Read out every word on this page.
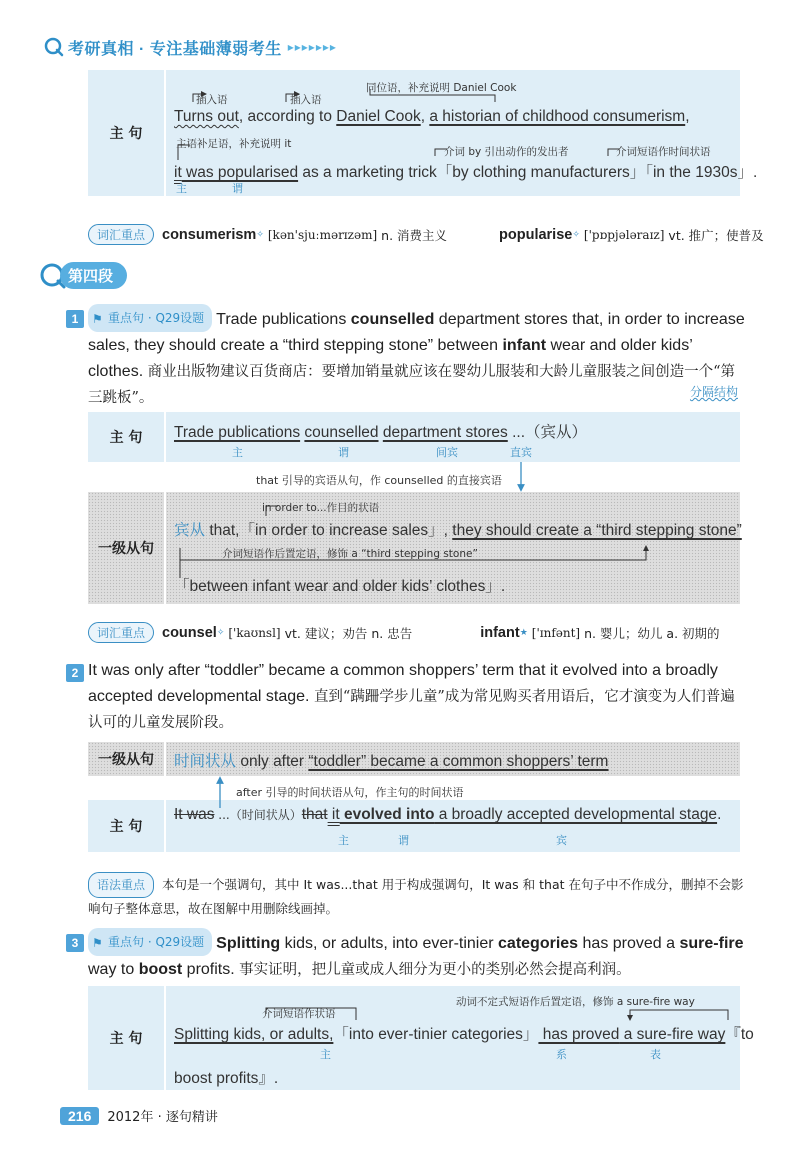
考研真相 · 专注基础薄弱考生 ▸▸▸▸▸▸▸
主 句
同位语，补充说明 Daniel Cook
插入语	插入语
Turns out, according to Daniel Cook, a historian of childhood consumerism,
主语补足语，补充说明 it
介词 by 引出动作的发出者	介词短语作时间状语
it was popularised as a marketing trick「by clothing manufacturers」「in the 1930s」.
主	谓
词汇重点	consumerism ✧ [kən'sjuːmərɪzəm] n. 消费主义	popularise ✧ ['pɒpjələraɪz] vt. 推广；使普及
第四段
1	⚑ 重点句 · Q29设题 Trade publications counselled department stores that, in order to increase sales, they should create a “third stepping stone” between infant wear and older kids’ clothes. 商业出版物建议百货商店：要增加销量就应该在婴幼儿服装和大龄儿童服装之间创造一个“第三跳板”。	分隔结构
主 句	Trade publications counselled department stores ...（宾从）
主	谓	间宾	直宾
that 引导的宾语从句，作 counselled 的直接宾语
一级从句
in order to...作目的状语
宾从 that,「in order to increase sales」, they should create a “third stepping stone”
介词短语作后置定语，修饰 a “third stepping stone”
「between infant wear and older kids’ clothes」.
词汇重点	counsel ✧ ['kaʊnsl] vt. 建议；劝告 n. 忠告	infant ★ ['ɪnfənt] n. 婴儿；幼儿 a. 初期的
2 It was only after “toddler” became a common shoppers’ term that it evolved into a broadly accepted developmental stage. 直到“蹒跚学步儿童”成为常见购买者用语后，它才演变为人们普遍认可的儿童发展阶段。
一级从句	时间状从 only after “toddler” became a common shoppers’ term
after 引导的时间状语从句，作主句的时间状语
主 句
It was ...（时间状从）that it evolved into a broadly accepted developmental stage.
主	谓	宾
语法重点 本句是一个强调句，其中 It was...that 用于构成强调句，It was 和 that 在句子中不作成分，删掉不会影响句子整体意思，故在图解中用删除线画掉。
3	⚑ 重点句 · Q29设题 Splitting kids, or adults, into ever-tinier categories has proved a sure-fire way to boost profits. 事实证明，把儿童或成人细分为更小的类别必然会提高利润。
主 句
动词不定式短语作后置定语，修饰 a sure-fire way
介词短语作状语
Splitting kids, or adults,「into ever-tinier categories」 has proved a sure-fire way『to
主	系	表
boost profits』.
216	2012年 · 逐句精讲
